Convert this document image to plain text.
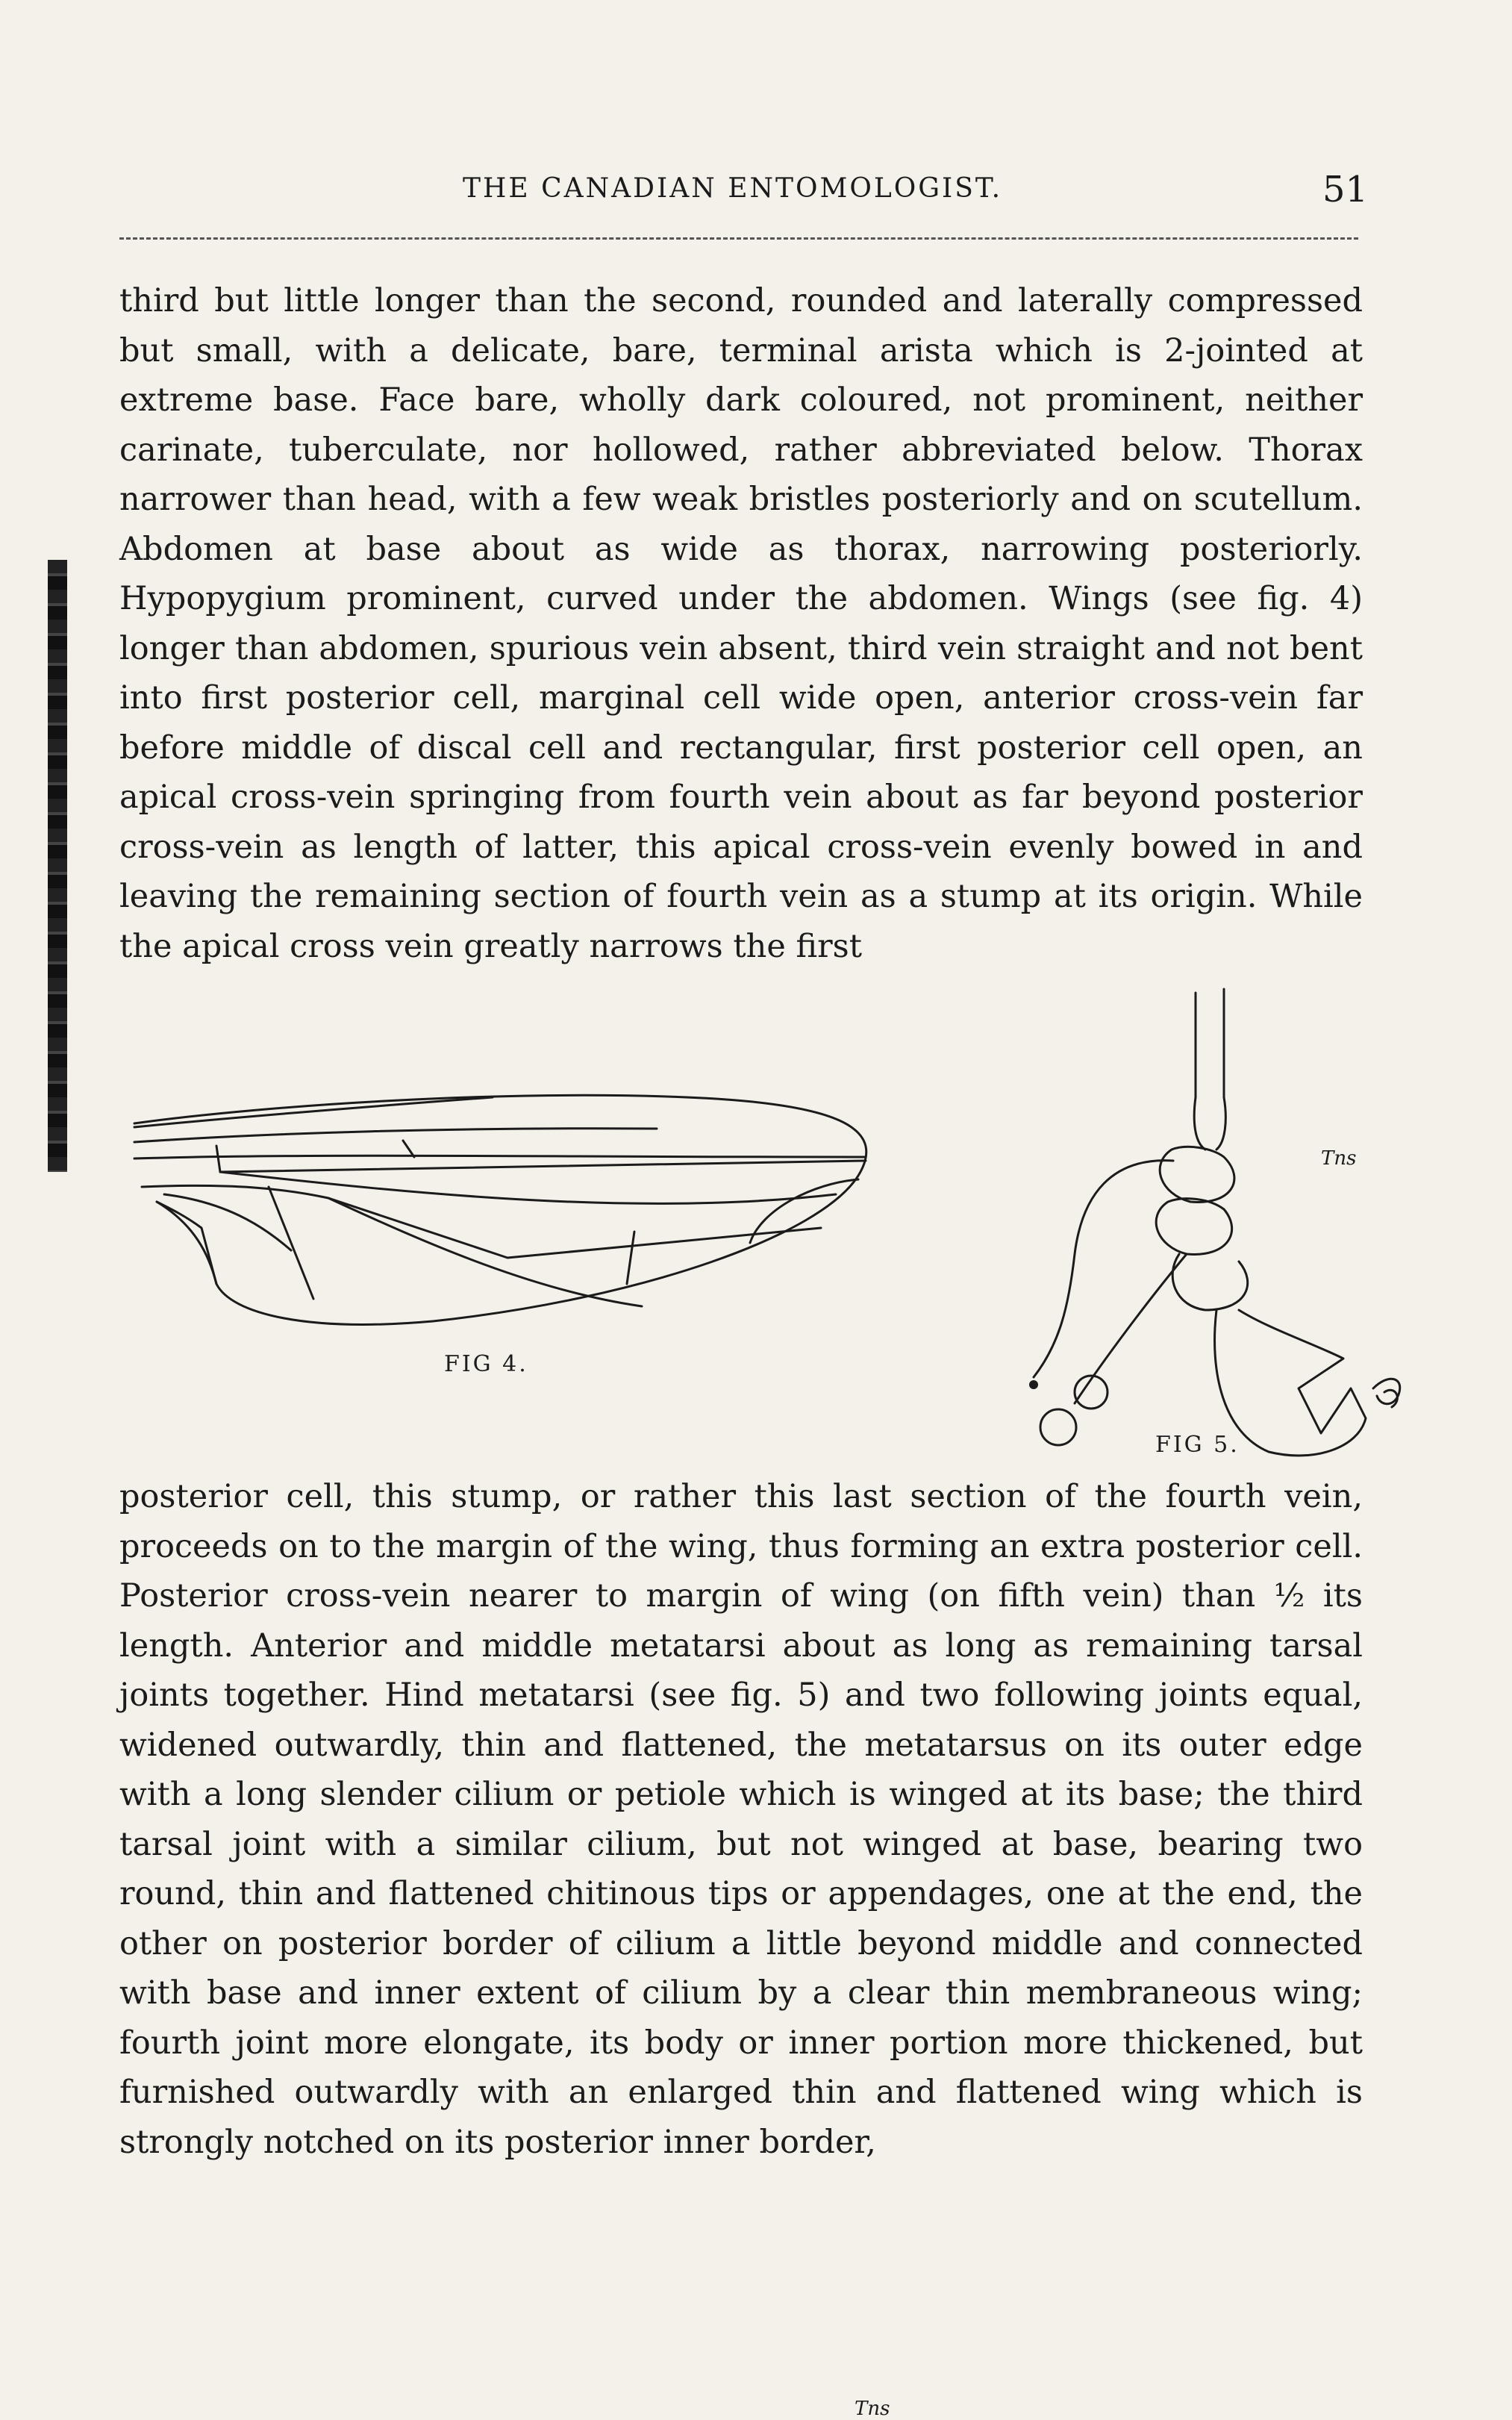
THE CANADIAN ENTOMOLOGIST.	51

third but little longer than the second, rounded and laterally compressed but small, with a delicate, bare, terminal arista which is 2-jointed at extreme base. Face bare, wholly dark coloured, not prominent, neither carinate, tuberculate, nor hollowed, rather abbreviated below. Thorax narrower than head, with a few weak bristles posteriorly and on scutellum. Abdomen at base about as wide as thorax, narrowing posteriorly. Hypopygium prominent, curved under the abdomen. Wings (see fig. 4) longer than abdomen, spurious vein absent, third vein straight and not bent into first posterior cell, marginal cell wide open, anterior cross-vein far before middle of discal cell and rectangular, first posterior cell open, an apical cross-vein springing from fourth vein about as far beyond posterior cross-vein as length of latter, this apical cross-vein evenly bowed in and leaving the remaining section of fourth vein as a stump at its origin. While the apical cross vein greatly narrows the first

Tns
FIG 4.
Tns
FIG 5.

posterior cell, this stump, or rather this last section of the fourth vein, proceeds on to the margin of the wing, thus forming an extra posterior cell. Posterior cross-vein nearer to margin of wing (on fifth vein) than ½ its length. Anterior and middle metatarsi about as long as remaining tarsal joints together. Hind metatarsi (see fig. 5) and two following joints equal, widened outwardly, thin and flattened, the metatarsus on its outer edge with a long slender cilium or petiole which is winged at its base; the third tarsal joint with a similar cilium, but not winged at base, bearing two round, thin and flattened chitinous tips or appendages, one at the end, the other on posterior border of cilium a little beyond middle and connected with base and inner extent of cilium by a clear thin membraneous wing; fourth joint more elongate, its body or inner portion more thickened, but furnished outwardly with an enlarged thin and flattened wing which is strongly notched on its posterior inner border,
